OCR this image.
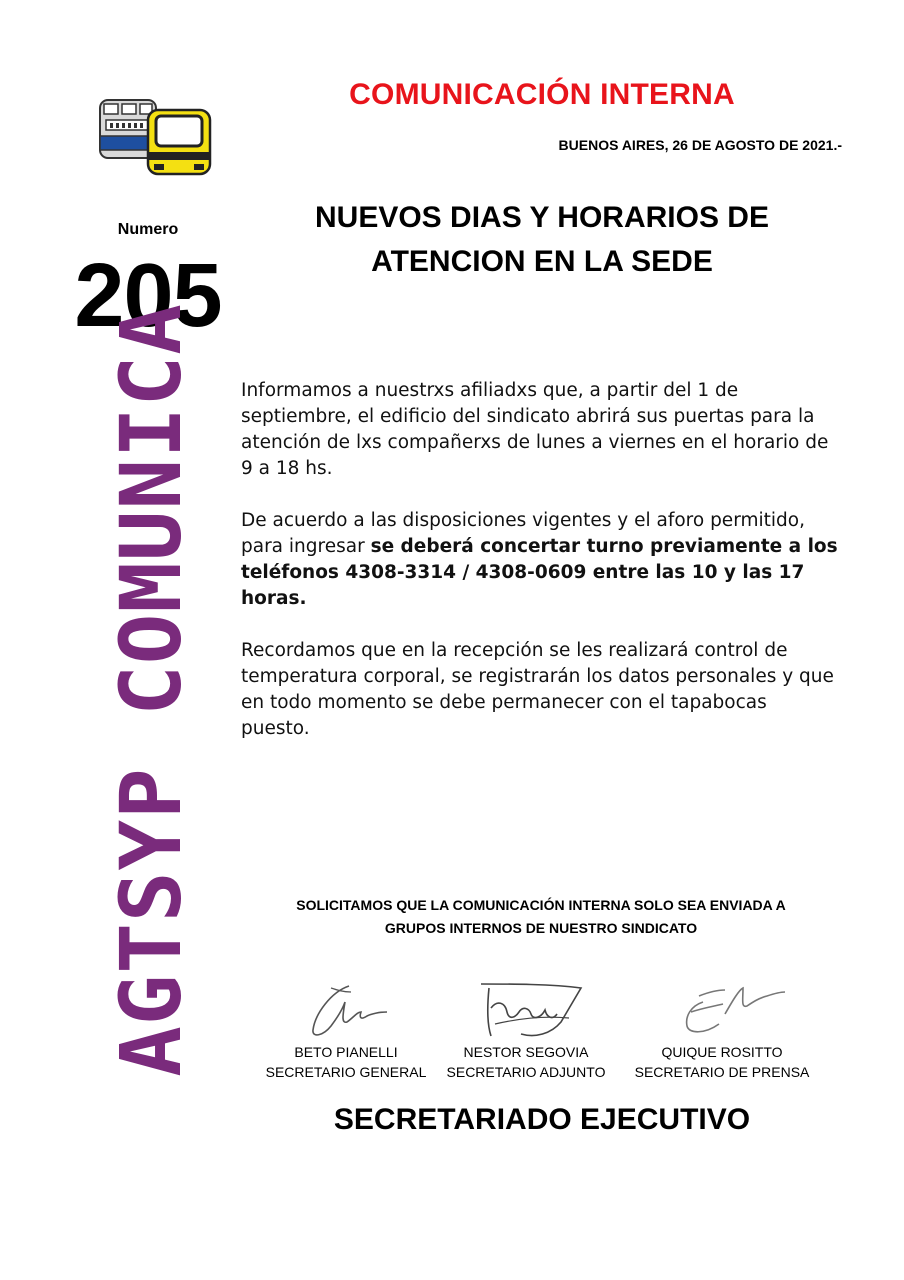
COMUNICACIÓN INTERNA
BUENOS AIRES, 26 DE AGOSTO DE 2021.-
Numero
205
NUEVOS DIAS Y HORARIOS DE
ATENCION EN LA SEDE
AGTSYP COMUNICA Informamos a nuestrxs afiliadxs que, a partir del 1 de septiembre, el edificio del sindicato abrirá sus puertas para la atención de lxs compañerxs de lunes a viernes en el horario de 9 a 18 hs.
De acuerdo a las disposiciones vigentes y el aforo permitido, para ingresar se deberá concertar turno previamente a los teléfonos 4308-3314 / 4308-0609 entre las 10 y las 17 horas.
Recordamos que en la recepción se les realizará control de temperatura corporal, se registrarán los datos personales y que en todo momento se debe permanecer con el tapabocas puesto.
SOLICITAMOS QUE LA COMUNICACIÓN INTERNA SOLO SEA ENVIADA A
GRUPOS INTERNOS DE NUESTRO SINDICATO
BETO PIANELLI
SECRETARIO GENERAL
NESTOR SEGOVIA
SECRETARIO ADJUNTO
QUIQUE ROSITTO
SECRETARIO DE PRENSA
SECRETARIADO EJECUTIVO
